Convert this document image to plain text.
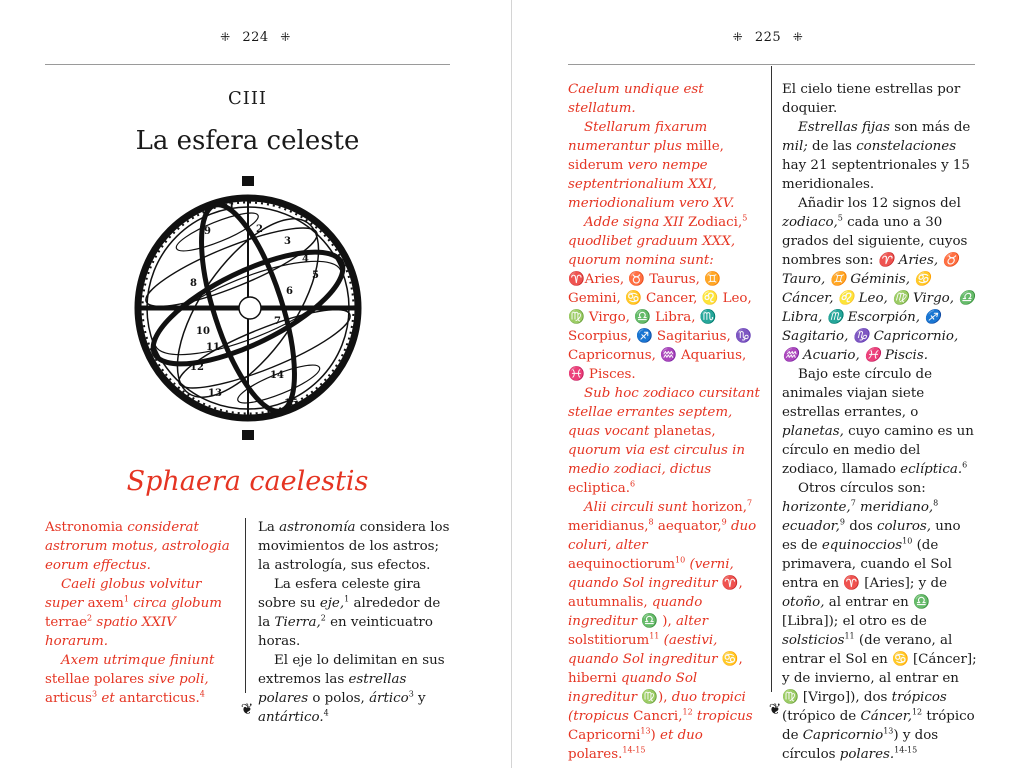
⁜ 224 ⁜
CIII
La esfera celeste
1
2
3
4
5
6
7
8
9
10
11
12
13
14
15
Sphaera caelestis

Astronomia considerat astrorum motus, astrologia eorum effectus.

Caeli globus volvitur super axem$^1$ circa globum terrae$^2$ spatio XXIV horarum.

Axem utrimque finiunt stellae polares sive poli, articus$^3$ et antarcticus.$^4$

La astronomía considera los movimientos de los astros; la astrología, sus efectos.

La esfera celeste gira sobre su eje,$^1$ alrededor de la Tierra,$^2$ en veinticuatro horas.

El eje lo delimitan en sus extremos las estrellas polares o polos, ártico$^3$ y antártico.$^4$

❦
⁜ 225 ⁜

Caelum undique est stellatum.

Stellarum fixarum numerantur plus mille, siderum vero nempe septentrionalium XXI, meriodionalium vero XV.

Adde signa XII Zodiaci,$^5$ quodlibet graduum XXX, quorum nomina sunt: ♈Aries, ♉ Taurus, ♊ Gemini, ♋ Cancer, ♌ Leo, ♍ Virgo, ♎ Libra, ♏ Scorpius, ♐ Sagitarius, ♑ Capricornus, ♒ Aquarius, ♓ Pisces.

Sub hoc zodiaco cursitant stellae errantes septem, quas vocant planetas, quorum via est circulus in medio zodiaci, dictus ecliptica.$^6$

Alii circuli sunt horizon,$^7$ meridianus,$^8$ aequator,$^9$ duo coluri, alter aequinoctiorum$^{10}$ (verni, quando Sol ingreditur ♈, autumnalis, quando ingreditur ♎ ), alter solstitiorum$^{11}$ (aestivi, quando Sol ingreditur ♋, hiberni quando Sol ingreditur ♍), duo tropici (tropicus Cancri,$^{12}$ tropicus Capricorni$^{13}$) et duo polares.$^{14-15}$

El cielo tiene estrellas por doquier.

Estrellas fijas son más de mil; de las constelaciones hay 21 septentrionales y 15 meridionales.

Añadir los 12 signos del zodiaco,$^5$ cada uno a 30 grados del siguiente, cuyos nombres son: ♈ Aries, ♉ Tauro, ♊ Géminis, ♋ Cáncer, ♌ Leo, ♍ Virgo, ♎ Libra, ♏ Escorpión, ♐ Sagitario, ♑ Capricornio, ♒ Acuario, ♓ Piscis.

Bajo este círculo de animales viajan siete estrellas errantes, o planetas, cuyo camino es un círculo en medio del zodiaco, llamado eclíptica.$^6$

Otros círculos son: horizonte,$^7$ meridiano,$^8$ ecuador,$^9$ dos coluros, uno es de equinoccios$^{10}$ (de primavera, cuando el Sol entra en ♈ [Aries]; y de otoño, al entrar en ♎ [Libra]); el otro es de solsticios$^{11}$ (de verano, al entrar el Sol en ♋ [Cáncer]; y de invierno, al entrar en ♍ [Virgo]), dos trópicos (trópico de Cáncer,$^{12}$ trópico de Capricornio$^{13}$) y dos círculos polares.$^{14-15}$

❦
